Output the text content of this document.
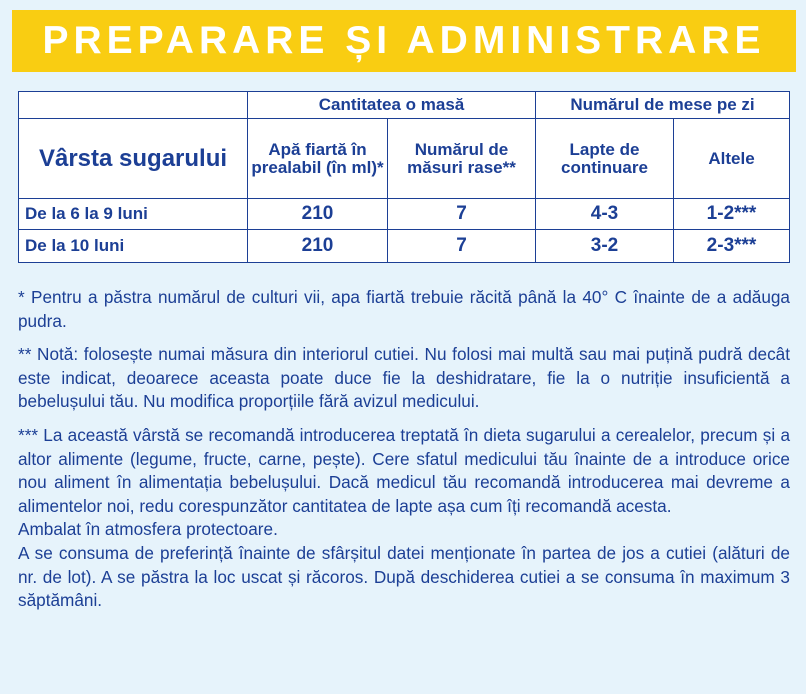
PREPARARE ȘI ADMINISTRARE
	Cantitatea o masă		Numărul de mese pe zi	
Vârsta sugarului	Apă fiartă în prealabil (în ml)*	Numărul de măsuri rase**	Lapte de continuare	Altele
De la 6 la 9 luni	210	7	4-3	1-2***
De la 10 luni	210	7	3-2	2-3***

* Pentru a păstra numărul de culturi vii, apa fiartă trebuie răcită până la 40° C înainte de a adăuga pudra.

** Notă: folosește numai măsura din interiorul cutiei. Nu folosi mai multă sau mai puțină pudră decât este indicat, deoarece aceasta poate duce fie la deshidratare, fie la o nutriție insuficientă a bebelușului tău. Nu modifica proporțiile fără avizul medicului.

*** La această vârstă se recomandă introducerea treptată în dieta sugarului a cerealelor, precum și a altor alimente (legume, fructe, carne, pește). Cere sfatul medicului tău înainte de a introduce orice nou aliment în alimentația bebelușului. Dacă medicul tău recomandă introducerea mai devreme a alimentelor noi, redu corespunzător cantitatea de lapte așa cum îți recomandă acesta.

Ambalat în atmosfera protectoare.

A se consuma de preferință înainte de sfârșitul datei menționate în partea de jos a cutiei (alături de nr. de lot). A se păstra la loc uscat și răcoros. După deschiderea cutiei a se consuma în maximum 3 săptămâni.
